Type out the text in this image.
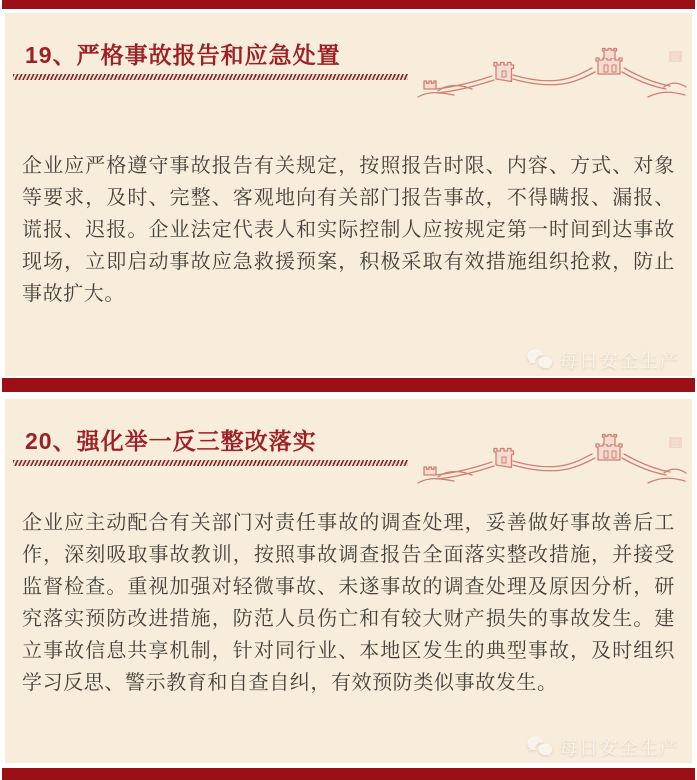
19、严格事故报告和应急处置

企业应严格遵守事故报告有关规定，按照报告时限、内容、方式、对象等要求，及时、完整、客观地向有关部门报告事故，不得瞒报、漏报、谎报、迟报。企业法定代表人和实际控制人应按规定第一时间到达事故现场，立即启动事故应急救援预案，积极采取有效措施组织抢救，防止事故扩大。

每日安全生产
20、强化举一反三整改落实

企业应主动配合有关部门对责任事故的调查处理，妥善做好事故善后工作，深刻吸取事故教训，按照事故调查报告全面落实整改措施，并接受监督检查。重视加强对轻微事故、未遂事故的调查处理及原因分析，研究落实预防改进措施，防范人员伤亡和有较大财产损失的事故发生。建立事故信息共享机制，针对同行业、本地区发生的典型事故，及时组织学习反思、警示教育和自查自纠，有效预防类似事故发生。

每日安全生产
